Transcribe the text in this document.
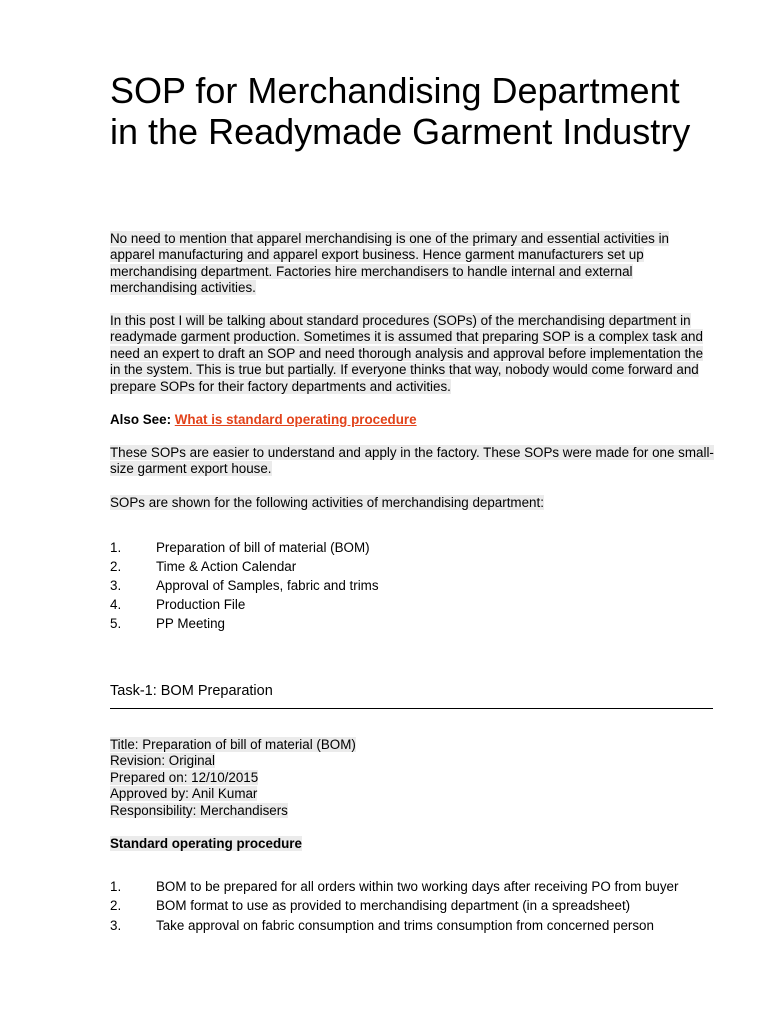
SOP for Merchandising Department in the Readymade Garment Industry

No need to mention that apparel merchandising is one of the primary and essential activities in apparel manufacturing and apparel export business. Hence garment manufacturers set up merchandising department. Factories hire merchandisers to handle internal and external merchandising activities.

In this post I will be talking about standard procedures (SOPs) of the merchandising department in readymade garment production. Sometimes it is assumed that preparing SOP is a complex task and need an expert to draft an SOP and need thorough analysis and approval before implementation the in the system. This is true but partially. If everyone thinks that way, nobody would come forward and prepare SOPs for their factory departments and activities.

Also See: What is standard operating procedure

These SOPs are easier to understand and apply in the factory. These SOPs were made for one small-size garment export house.

SOPs are shown for the following activities of merchandising department:

1.	Preparation of bill of material (BOM)
2.	Time & Action Calendar
3.	Approval of Samples, fabric and trims
4.	Production File
5.	PP Meeting
Task-1: BOM Preparation
Title: Preparation of bill of material (BOM)
Revision: Original
Prepared on: 12/10/2015
Approved by: Anil Kumar
Responsibility: Merchandisers

Standard operating procedure

1.	BOM to be prepared for all orders within two working days after receiving PO from buyer
2.	BOM format to use as provided to merchandising department (in a spreadsheet)
3.	Take approval on fabric consumption and trims consumption from concerned person
